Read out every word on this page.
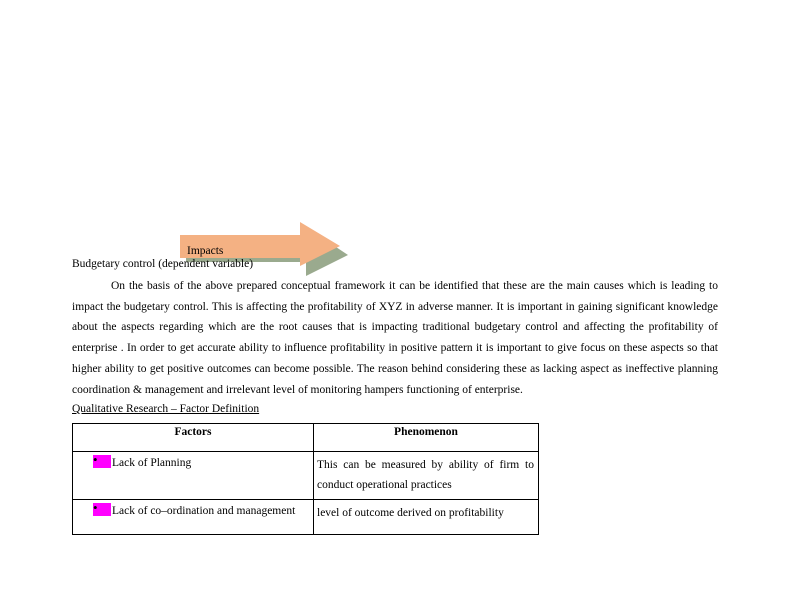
Impacts
Budgetary control (dependent variable)
On the basis of the above prepared conceptual framework it can be identified that these are the main causes which is leading to impact the budgetary control. This is affecting the profitability of XYZ in adverse manner. It is important in gaining significant knowledge about the aspects regarding which are the root causes that is impacting traditional budgetary control and affecting the profitability of enterprise . In order to get accurate ability to influence profitability in positive pattern it is important to give focus on these aspects so that higher ability to get positive outcomes can become possible. The reason behind considering these as lacking aspect as ineffective planning coordination & management and irrelevant level of monitoring hampers functioning of enterprise.
Qualitative Research – Factor Definition
Factors	Phenomenon
•Lack of Planning	This can be measured by ability of firm to conduct operational practices
•Lack of co–ordination and management	level of outcome derived on profitability
